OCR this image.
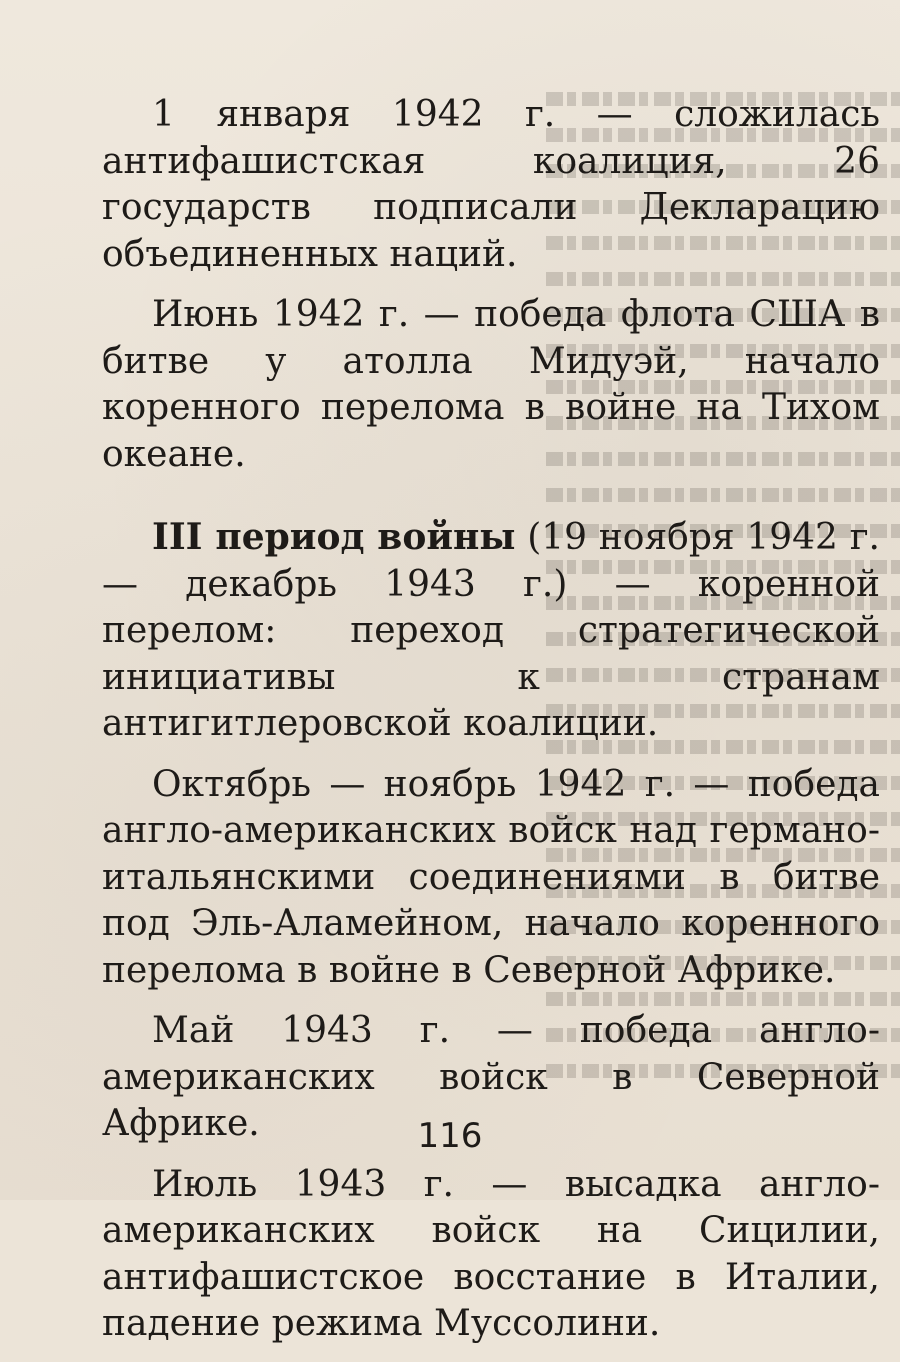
1 января 1942 г. — сложилась антифашистская коалиция, 26 государств подписали Декларацию объединенных наций.

Июнь 1942 г. — победа флота США в битве у атолла Мидуэй, начало коренного перелома в войне на Тихом океане.

III период войны (19 ноября 1942 г. — декабрь 1943 г.) — коренной перелом: переход стратегической инициативы к странам антигитлеровской коалиции.

Октябрь — ноябрь 1942 г. — победа англо-американских войск над германо-итальянскими соединениями в битве под Эль-Аламейном, начало коренного перелома в войне в Северной Африке.

Май 1943 г. — победа англо-американских войск в Северной Африке.

Июль 1943 г. — высадка англо-американских войск на Сицилии, антифашистское восстание в Италии, падение режима Муссолини.

116
